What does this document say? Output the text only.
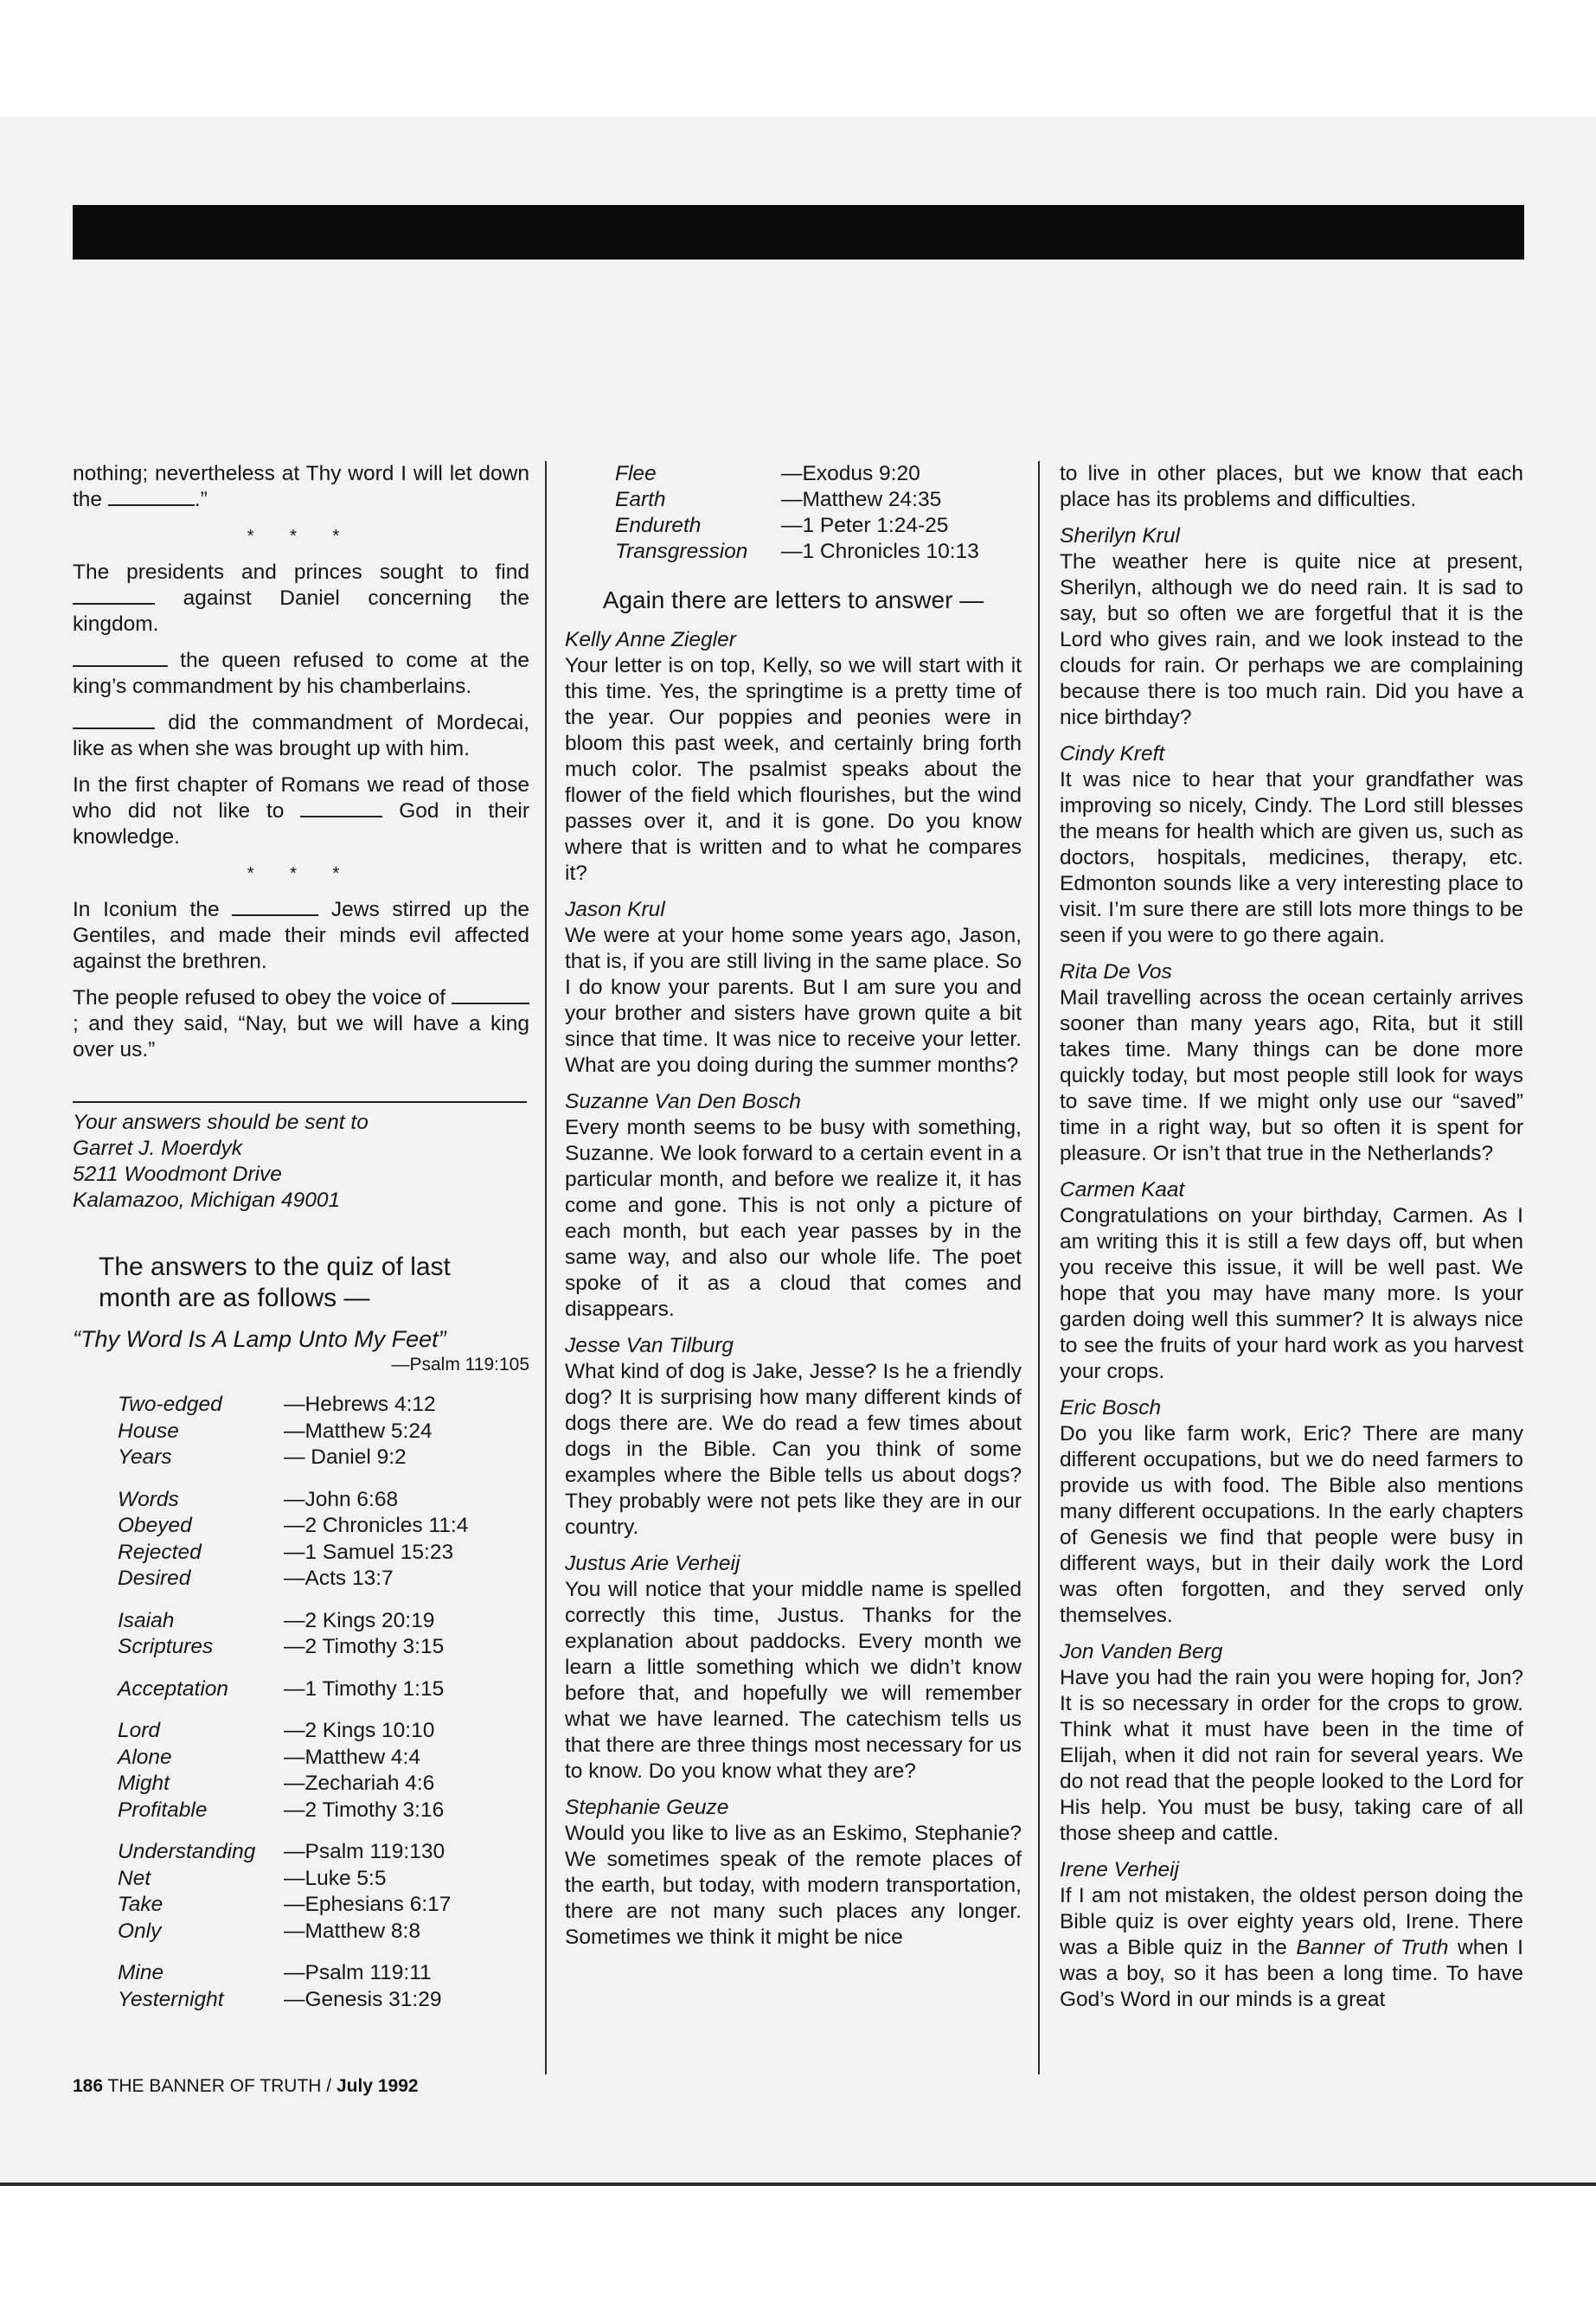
nothing; nevertheless at Thy word I will let down the	.”

* * *

The presidents and princes sought to find  against Daniel concerning the kingdom.

the queen refused to come at the king’s commandment by his chamberlains.

did the commandment of Mordecai, like as when she was brought up with him.

In the first chapter of Romans we read of those who did not like to	God in their knowledge.

* * *

In Iconium the	Jews stirred up the Gentiles, and made their minds evil affected against the brethren.

The people refused to obey the voice of ; and they said, “Nay, but we will have a king over us.”

Your answers should be sent to
Garret J. Moerdyk
5211 Woodmont Drive
Kalamazoo, Michigan 49001
The answers to the quiz of last month are as follows —
“Thy Word Is A Lamp Unto My Feet”
—Psalm 119:105
Two-edged	—Hebrews 4:12
House	—Matthew 5:24
Years	— Daniel 9:2
Words	—John 6:68
Obeyed	—2 Chronicles 11:4
Rejected	—1 Samuel 15:23
Desired	—Acts 13:7
Isaiah	—2 Kings 20:19
Scriptures	—2 Timothy 3:15
Acceptation	—1 Timothy 1:15
Lord	—2 Kings 10:10
Alone	—Matthew 4:4
Might	—Zechariah 4:6
Profitable	—2 Timothy 3:16
Understanding	—Psalm 119:130
Net	—Luke 5:5
Take	—Ephesians 6:17
Only	—Matthew 8:8
Mine	—Psalm 119:11
Yesternight	—Genesis 31:29
Flee	—Exodus 9:20
Earth	—Matthew 24:35
Endureth	—1 Peter 1:24-25
Transgression	—1 Chronicles 10:13
Again there are letters to answer —

Kelly Anne Ziegler

Your letter is on top, Kelly, so we will start with it this time. Yes, the springtime is a pretty time of the year. Our poppies and peonies were in bloom this past week, and certainly bring forth much color. The psalmist speaks about the flower of the field which flourishes, but the wind passes over it, and it is gone. Do you know where that is written and to what he compares it?

Jason Krul

We were at your home some years ago, Jason, that is, if you are still living in the same place. So I do know your parents. But I am sure you and your brother and sisters have grown quite a bit since that time. It was nice to receive your letter. What are you doing during the summer months?

Suzanne Van Den Bosch

Every month seems to be busy with something, Suzanne. We look forward to a certain event in a particular month, and before we realize it, it has come and gone. This is not only a picture of each month, but each year passes by in the same way, and also our whole life. The poet spoke of it as a cloud that comes and disappears.

Jesse Van Tilburg

What kind of dog is Jake, Jesse? Is he a friendly dog? It is surprising how many different kinds of dogs there are. We do read a few times about dogs in the Bible. Can you think of some examples where the Bible tells us about dogs? They probably were not pets like they are in our country.

Justus Arie Verheij

You will notice that your middle name is spelled correctly this time, Justus. Thanks for the explanation about paddocks. Every month we learn a little something which we didn’t know before that, and hopefully we will remember what we have learned. The catechism tells us that there are three things most necessary for us to know. Do you know what they are?

Stephanie Geuze

Would you like to live as an Eskimo, Stephanie? We sometimes speak of the remote places of the earth, but today, with modern transportation, there are not many such places any longer. Sometimes we think it might be nice

to live in other places, but we know that each place has its problems and difficulties.

Sherilyn Krul

The weather here is quite nice at present, Sherilyn, although we do need rain. It is sad to say, but so often we are forgetful that it is the Lord who gives rain, and we look instead to the clouds for rain. Or perhaps we are complaining because there is too much rain. Did you have a nice birthday?

Cindy Kreft

It was nice to hear that your grandfather was improving so nicely, Cindy. The Lord still blesses the means for health which are given us, such as doctors, hospitals, medicines, therapy, etc. Edmonton sounds like a very interesting place to visit. I’m sure there are still lots more things to be seen if you were to go there again.

Rita De Vos

Mail travelling across the ocean certainly arrives sooner than many years ago, Rita, but it still takes time. Many things can be done more quickly today, but most people still look for ways to save time. If we might only use our “saved” time in a right way, but so often it is spent for pleasure. Or isn’t that true in the Netherlands?

Carmen Kaat

Congratulations on your birthday, Carmen. As I am writing this it is still a few days off, but when you receive this issue, it will be well past. We hope that you may have many more. Is your garden doing well this summer? It is always nice to see the fruits of your hard work as you harvest your crops.

Eric Bosch

Do you like farm work, Eric? There are many different occupations, but we do need farmers to provide us with food. The Bible also mentions many different occupations. In the early chapters of Genesis we find that people were busy in different ways, but in their daily work the Lord was often forgotten, and they served only themselves.

Jon Vanden Berg

Have you had the rain you were hoping for, Jon? It is so necessary in order for the crops to grow. Think what it must have been in the time of Elijah, when it did not rain for several years. We do not read that the people looked to the Lord for His help. You must be busy, taking care of all those sheep and cattle.

Irene Verheij

If I am not mistaken, the oldest person doing the Bible quiz is over eighty years old, Irene. There was a Bible quiz in the Banner of Truth when I was a boy, so it has been a long time. To have God’s Word in our minds is a great

186 THE BANNER OF TRUTH / July 1992
